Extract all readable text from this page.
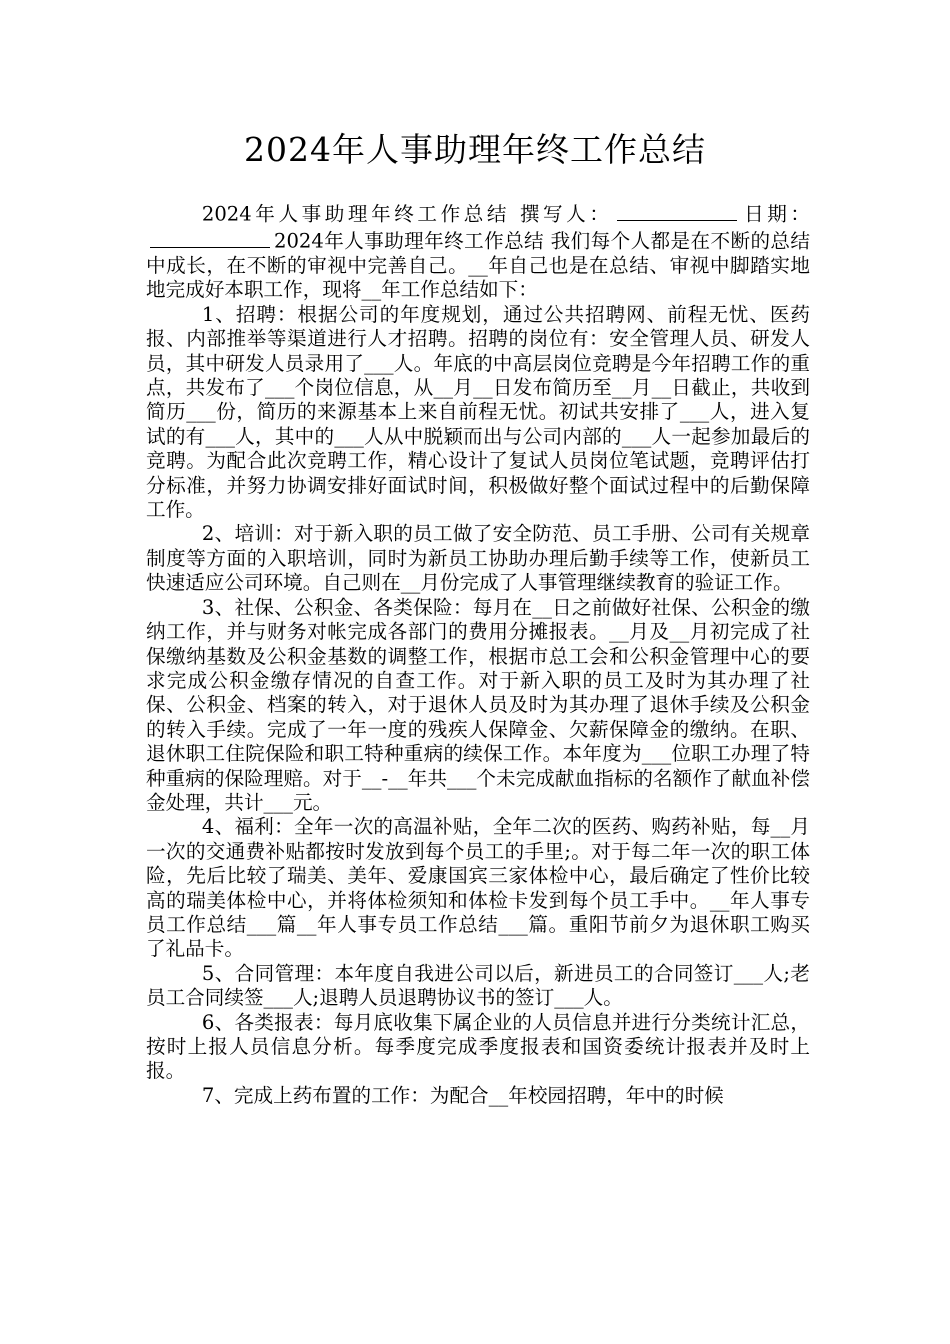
2024年人事助理年终工作总结

2024年人事助理年终工作总结 撰写人：	日期：2024年人事助理年终工作总结 我们每个人都是在不断的总结中成长，在不断的审视中完善自己。__年自己也是在总结、审视中脚踏实地地完成好本职工作，现将__年工作总结如下：

1、招聘：根据公司的年度规划，通过公共招聘网、前程无忧、医药报、内部推举等渠道进行人才招聘。招聘的岗位有：安全管理人员、研发人员，其中研发人员录用了___人。年底的中高层岗位竞聘是今年招聘工作的重点，共发布了___个岗位信息，从__月__日发布简历至__月__日截止，共收到简历___份，简历的来源基本上来自前程无忧。初试共安排了___人，进入复试的有___人，其中的___人从中脱颖而出与公司内部的___人一起参加最后的竞聘。为配合此次竞聘工作，精心设计了复试人员岗位笔试题，竞聘评估打分标准，并努力协调安排好面试时间，积极做好整个面试过程中的后勤保障工作。

2、培训：对于新入职的员工做了安全防范、员工手册、公司有关规章制度等方面的入职培训，同时为新员工协助办理后勤手续等工作，使新员工快速适应公司环境。自己则在__月份完成了人事管理继续教育的验证工作。

3、社保、公积金、各类保险：每月在__日之前做好社保、公积金的缴纳工作，并与财务对帐完成各部门的费用分摊报表。__月及__月初完成了社保缴纳基数及公积金基数的调整工作，根据市总工会和公积金管理中心的要求完成公积金缴存情况的自查工作。对于新入职的员工及时为其办理了社保、公积金、档案的转入，对于退休人员及时为其办理了退休手续及公积金的转入手续。完成了一年一度的残疾人保障金、欠薪保障金的缴纳。在职、退休职工住院保险和职工特种重病的续保工作。本年度为___位职工办理了特种重病的保险理赔。对于__-__年共___个未完成献血指标的名额作了献血补偿金处理，共计___元。

4、福利：全年一次的高温补贴，全年二次的医药、购药补贴，每__月一次的交通费补贴都按时发放到每个员工的手里;。对于每二年一次的职工体险，先后比较了瑞美、美年、爱康国宾三家体检中心，最后确定了性价比较高的瑞美体检中心，并将体检须知和体检卡发到每个员工手中。__年人事专员工作总结___篇__年人事专员工作总结___篇。重阳节前夕为退休职工购买了礼品卡。

5、合同管理：本年度自我进公司以后，新进员工的合同签订___人;老员工合同续签___人;退聘人员退聘协议书的签订___人。

6、各类报表：每月底收集下属企业的人员信息并进行分类统计汇总，按时上报人员信息分析。每季度完成季度报表和国资委统计报表并及时上报。

7、完成上药布置的工作：为配合__年校园招聘，年中的时候
